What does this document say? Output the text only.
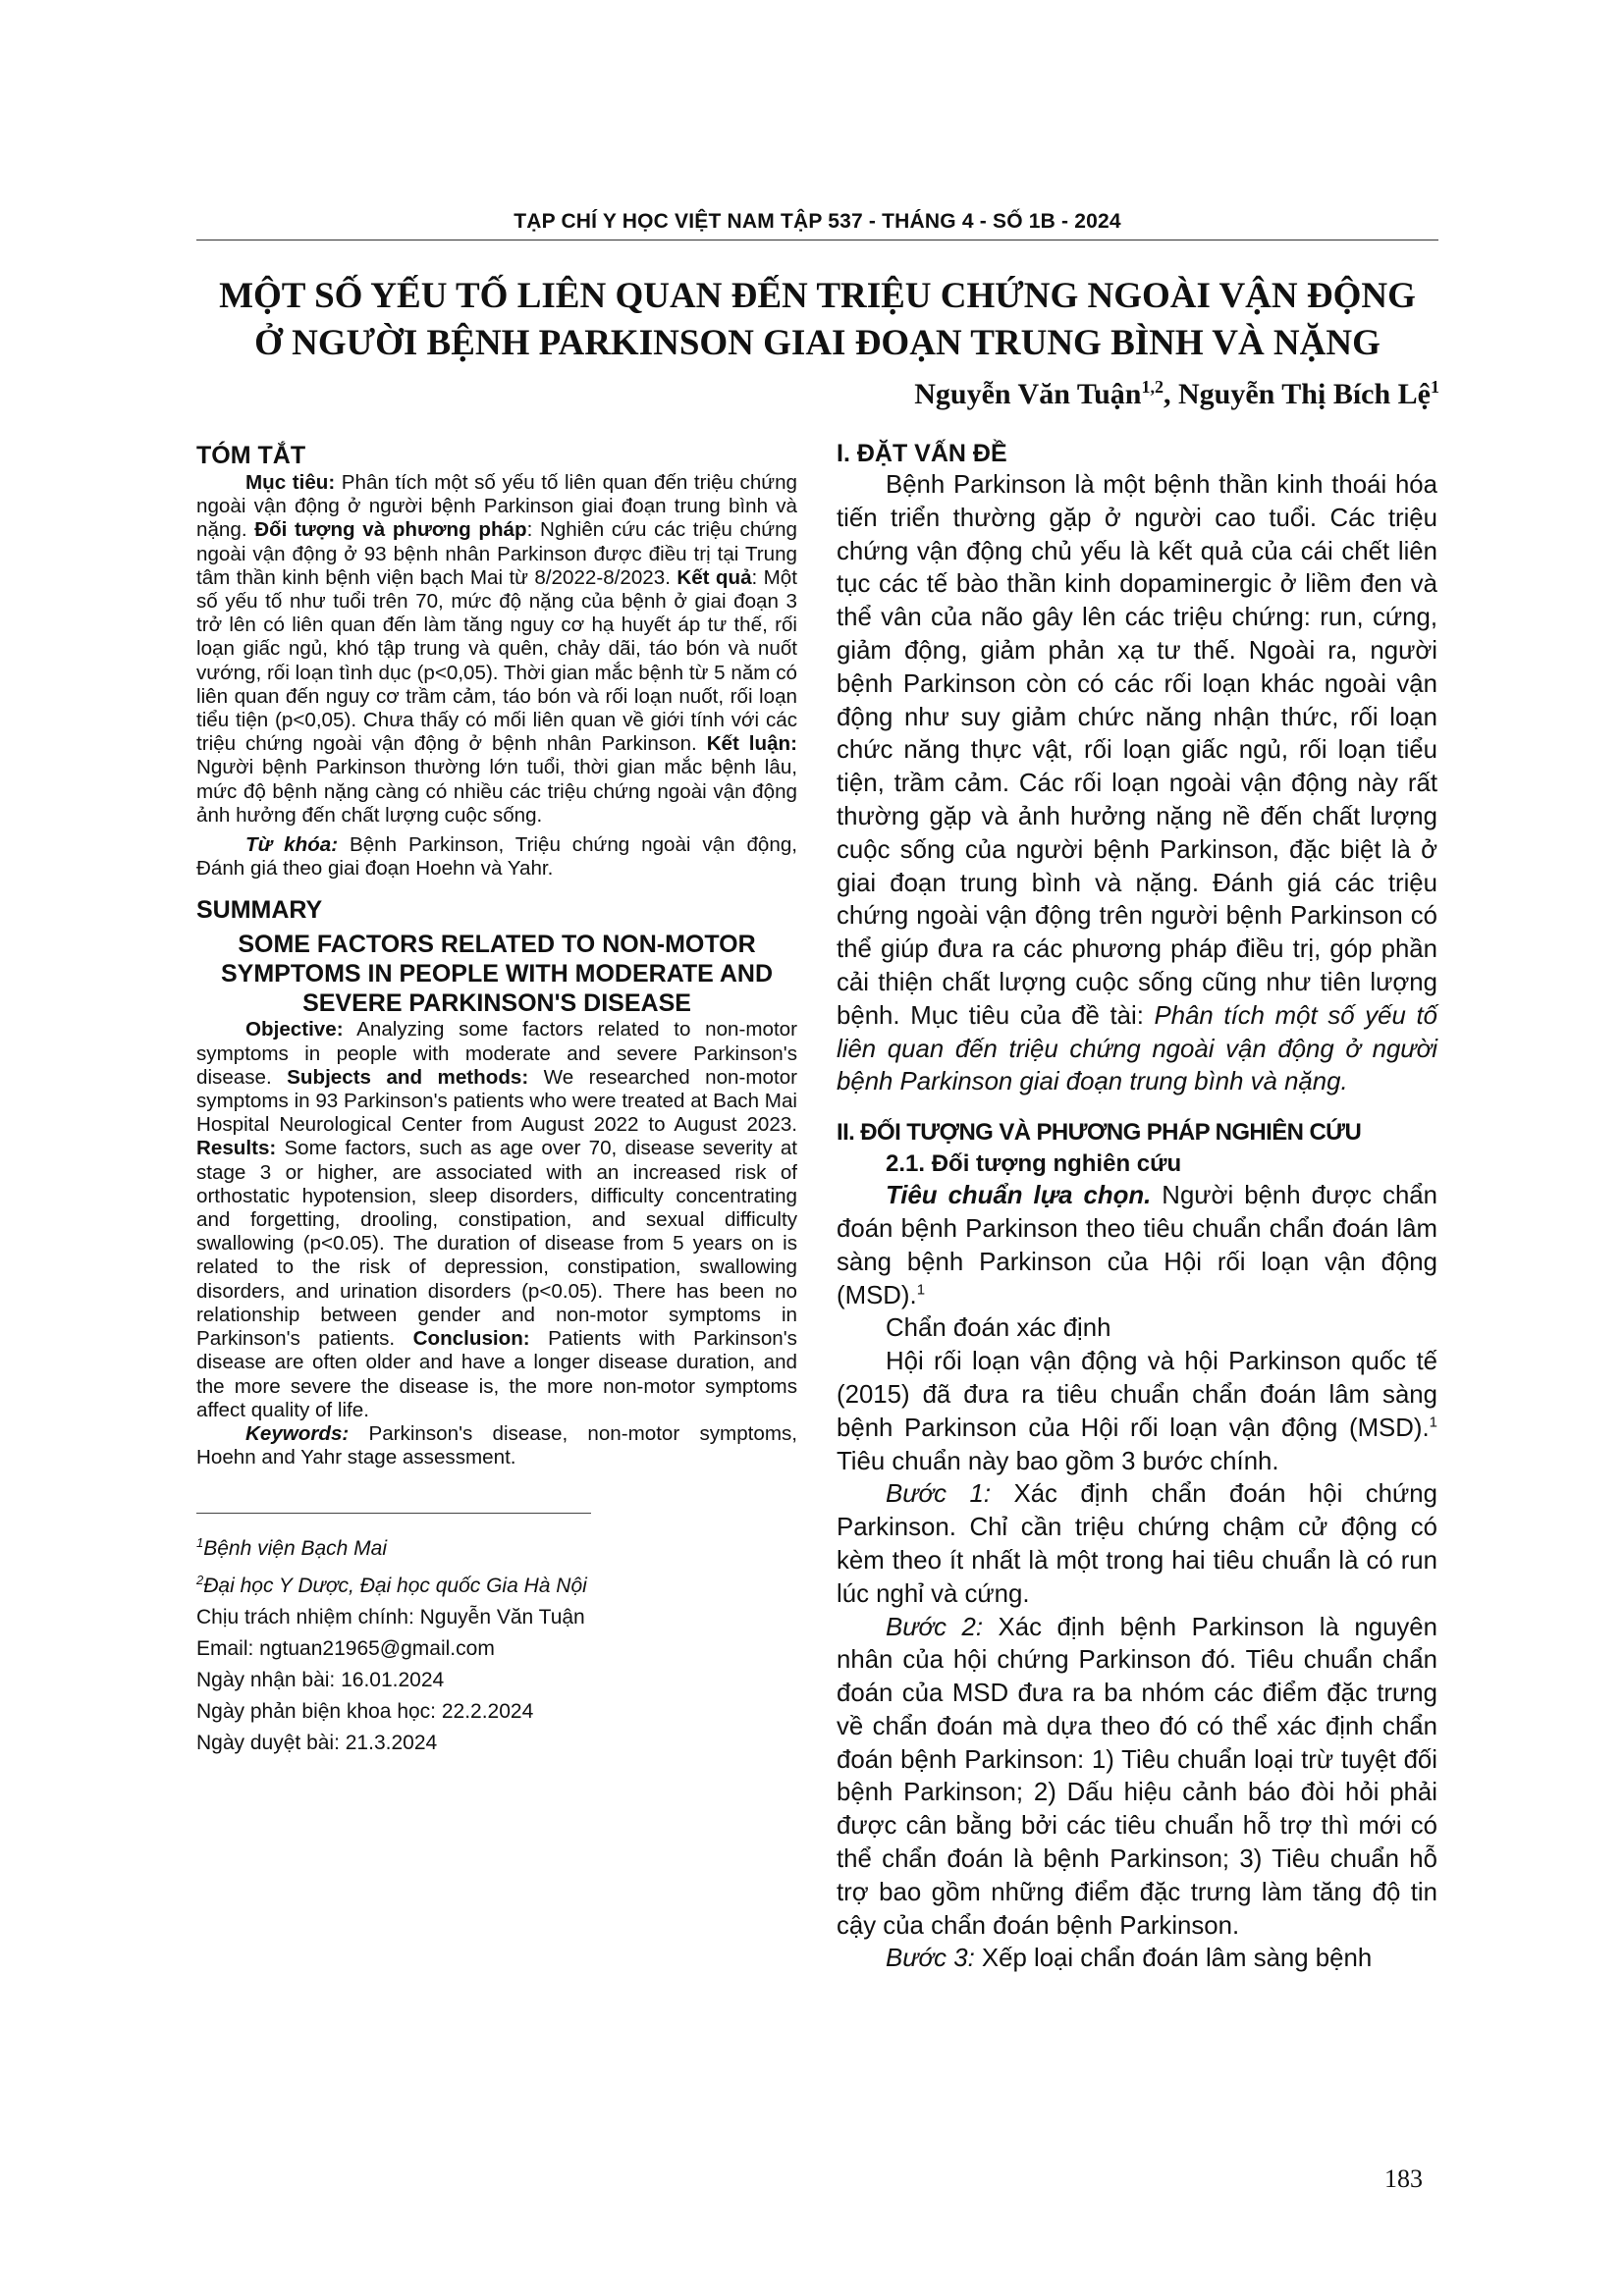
TẠP CHÍ Y HỌC VIỆT NAM TẬP 537 - THÁNG 4 - SỐ 1B - 2024
MỘT SỐ YẾU TỐ LIÊN QUAN ĐẾN TRIỆU CHỨNG NGOÀI VẬN ĐỘNG
Ở NGƯỜI BỆNH PARKINSON GIAI ĐOẠN TRUNG BÌNH VÀ NẶNG
Nguyễn Văn Tuận$^{1,2}$, Nguyễn Thị Bích Lệ$^1$
TÓM TẮT

Mục tiêu: Phân tích một số yếu tố liên quan đến triệu chứng ngoài vận động ở người bệnh Parkinson giai đoạn trung bình và nặng. Đối tượng và phương pháp: Nghiên cứu các triệu chứng ngoài vận động ở 93 bệnh nhân Parkinson được điều trị tại Trung tâm thần kinh bệnh viện bạch Mai từ 8/2022-8/2023. Kết quả: Một số yếu tố như tuổi trên 70, mức độ nặng của bệnh ở giai đoạn 3 trở lên có liên quan đến làm tăng nguy cơ hạ huyết áp tư thế, rối loạn giấc ngủ, khó tập trung và quên, chảy dãi, táo bón và nuốt vướng, rối loạn tình dục (p<0,05). Thời gian mắc bệnh từ 5 năm có liên quan đến nguy cơ trầm cảm, táo bón và rối loạn nuốt, rối loạn tiểu tiện (p<0,05). Chưa thấy có mối liên quan về giới tính với các triệu chứng ngoài vận động ở bệnh nhân Parkinson. Kết luận: Người bệnh Parkinson thường lớn tuổi, thời gian mắc bệnh lâu, mức độ bệnh nặng càng có nhiều các triệu chứng ngoài vận động ảnh hưởng đến chất lượng cuộc sống.

Từ khóa: Bệnh Parkinson, Triệu chứng ngoài vận động, Đánh giá theo giai đoạn Hoehn và Yahr.

SUMMARY
SOME FACTORS RELATED TO NON-MOTOR SYMPTOMS IN PEOPLE WITH MODERATE AND SEVERE PARKINSON'S DISEASE

Objective: Analyzing some factors related to non-motor symptoms in people with moderate and severe Parkinson's disease. Subjects and methods: We researched non-motor symptoms in 93 Parkinson's patients who were treated at Bach Mai Hospital Neurological Center from August 2022 to August 2023. Results: Some factors, such as age over 70, disease severity at stage 3 or higher, are associated with an increased risk of orthostatic hypotension, sleep disorders, difficulty concentrating and forgetting, drooling, constipation, and sexual difficulty swallowing (p<0.05). The duration of disease from 5 years on is related to the risk of depression, constipation, swallowing disorders, and urination disorders (p<0.05). There has been no relationship between gender and non-motor symptoms in Parkinson's patients. Conclusion: Patients with Parkinson's disease are often older and have a longer disease duration, and the more severe the disease is, the more non-motor symptoms affect quality of life.

Keywords: Parkinson's disease, non-motor symptoms, Hoehn and Yahr stage assessment.

$^1$Bệnh viện Bạch Mai
$^2$Đại học Y Dược, Đại học quốc Gia Hà Nội
Chịu trách nhiệm chính: Nguyễn Văn Tuận
Email: ngtuan21965@gmail.com
Ngày nhận bài: 16.01.2024
Ngày phản biện khoa học: 22.2.2024
Ngày duyệt bài: 21.3.2024
I. ĐẶT VẤN ĐỀ

Bệnh Parkinson là một bệnh thần kinh thoái hóa tiến triển thường gặp ở người cao tuổi. Các triệu chứng vận động chủ yếu là kết quả của cái chết liên tục các tế bào thần kinh dopaminergic ở liềm đen và thể vân của não gây lên các triệu chứng: run, cứng, giảm động, giảm phản xạ tư thế. Ngoài ra, người bệnh Parkinson còn có các rối loạn khác ngoài vận động như suy giảm chức năng nhận thức, rối loạn chức năng thực vật, rối loạn giấc ngủ, rối loạn tiểu tiện, trầm cảm. Các rối loạn ngoài vận động này rất thường gặp và ảnh hưởng nặng nề đến chất lượng cuộc sống của người bệnh Parkinson, đặc biệt là ở giai đoạn trung bình và nặng. Đánh giá các triệu chứng ngoài vận động trên người bệnh Parkinson có thể giúp đưa ra các phương pháp điều trị, góp phần cải thiện chất lượng cuộc sống cũng như tiên lượng bệnh. Mục tiêu của đề tài: Phân tích một số yếu tố liên quan đến triệu chứng ngoài vận động ở người bệnh Parkinson giai đoạn trung bình và nặng.

II. ĐỐI TƯỢNG VÀ PHƯƠNG PHÁP NGHIÊN CỨU
2.1. Đối tượng nghiên cứu

Tiêu chuẩn lựa chọn. Người bệnh được chẩn đoán bệnh Parkinson theo tiêu chuẩn chẩn đoán lâm sàng bệnh Parkinson của Hội rối loạn vận động (MSD).$^1$

Chẩn đoán xác định

Hội rối loạn vận động và hội Parkinson quốc tế (2015) đã đưa ra tiêu chuẩn chẩn đoán lâm sàng bệnh Parkinson của Hội rối loạn vận động (MSD).$^1$ Tiêu chuẩn này bao gồm 3 bước chính.

Bước 1: Xác định chẩn đoán hội chứng Parkinson. Chỉ cần triệu chứng chậm cử động có kèm theo ít nhất là một trong hai tiêu chuẩn là có run lúc nghỉ và cứng.

Bước 2: Xác định bệnh Parkinson là nguyên nhân của hội chứng Parkinson đó. Tiêu chuẩn chẩn đoán của MSD đưa ra ba nhóm các điểm đặc trưng về chẩn đoán mà dựa theo đó có thể xác định chẩn đoán bệnh Parkinson: 1) Tiêu chuẩn loại trừ tuyệt đối bệnh Parkinson; 2) Dấu hiệu cảnh báo đòi hỏi phải được cân bằng bởi các tiêu chuẩn hỗ trợ thì mới có thể chẩn đoán là bệnh Parkinson; 3) Tiêu chuẩn hỗ trợ bao gồm những điểm đặc trưng làm tăng độ tin cậy của chẩn đoán bệnh Parkinson.

Bước 3: Xếp loại chẩn đoán lâm sàng bệnh

183
